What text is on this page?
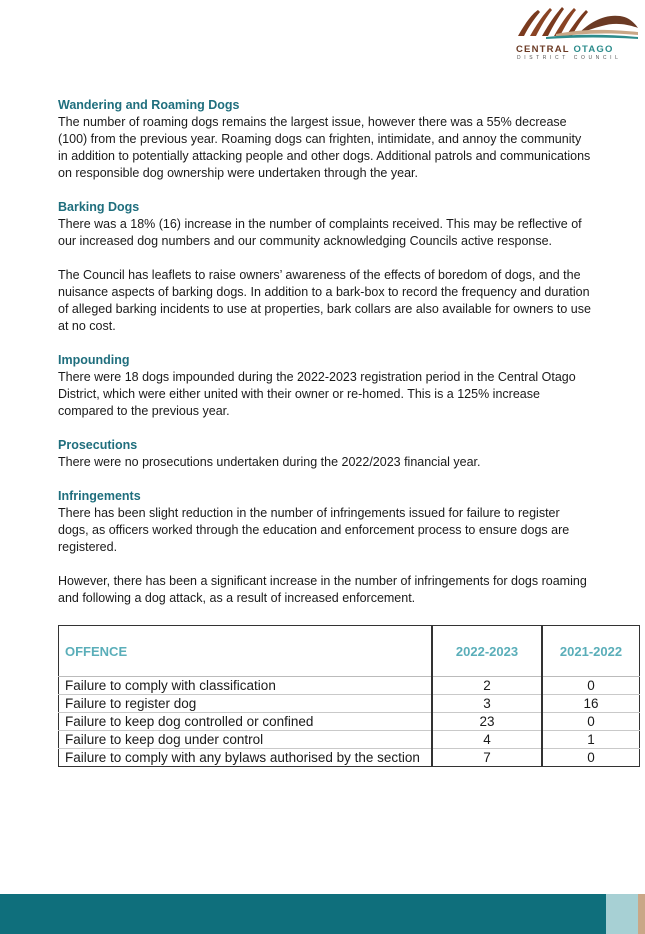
CENTRAL OTAGO
DISTRICT COUNCIL
Wandering and Roaming Dogs

The number of roaming dogs remains the largest issue, however there was a 55% decrease (100) from the previous year. Roaming dogs can frighten, intimidate, and annoy the community in addition to potentially attacking people and other dogs. Additional patrols and communications on responsible dog ownership were undertaken through the year.

Barking Dogs

There was a 18% (16) increase in the number of complaints received. This may be reflective of our increased dog numbers and our community acknowledging Councils active response.

The Council has leaflets to raise owners’ awareness of the effects of boredom of dogs, and the nuisance aspects of barking dogs. In addition to a bark-box to record the frequency and duration of alleged barking incidents to use at properties, bark collars are also available for owners to use at no cost.

Impounding

There were 18 dogs impounded during the 2022-2023 registration period in the Central Otago District, which were either united with their owner or re-homed. This is a 125% increase compared to the previous year.

Prosecutions

There were no prosecutions undertaken during the 2022/2023 financial year.

Infringements

There has been slight reduction in the number of infringements issued for failure to register dogs, as officers worked through the education and enforcement process to ensure dogs are registered.

However, there has been a significant increase in the number of infringements for dogs roaming and following a dog attack, as a result of increased enforcement.

OFFENCE	2022-2023	2021-2022
Failure to comply with classification	2	0
Failure to register dog	3	16
Failure to keep dog controlled or confined	23	0
Failure to keep dog under control	4	1
Failure to comply with any bylaws authorised by the section	7	0
